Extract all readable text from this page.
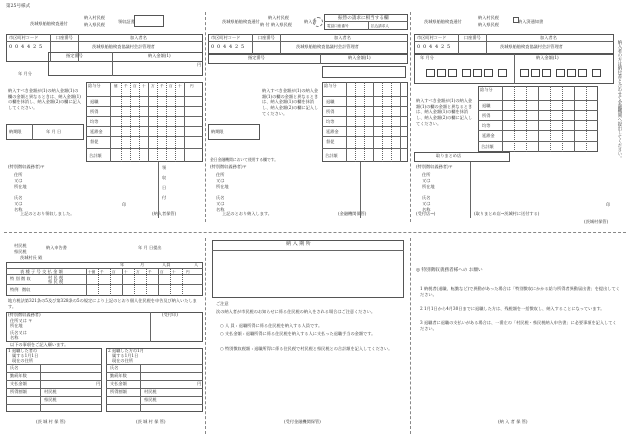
第25号様式
茨城県船舶検査通付
納入村民税
納入県民税
領収証書
市区町村コード	口座番号	加入者名
0 0 4 4 2 5	茨城県船舶検査協議村会計管理者
指定番号	納入金額(1)
円
年 月分
納入すべき金額が(1)の納入金額(1)の欄の金額と異なるときは、納入金額(1)の欄を抹消し、納入金額(2)の欄に記入してください。
納期限	年 月 日
給与分
退職
所得
均等
延滞金
督促
合計額
億 千 百 十 万 千 百 十 円
(特別徴収義務者)〒
住所
又は
所在地
氏名
又は
名称
印
領
収
日
付
上記のとおり領収しました。	(納入者保管)
茨城県船舶検査通付
納入村民税
納 付 納入県民税
納入書
振替の請求に相当する欄
電話口座番号	払込請求人
市区町村コード	口座番号	加入者名
0 0 4 4 2 5	茨城県船舶検査協議村会計管理者
指定番号	納入金額(1)
納入すべき金額が(1)の納入金額(1)の欄の金額と異なるときは、納入金額(1)の欄を抹消し、納入金額(2)の欄に記入してください。
納期限
給与分
退職
所得
均等
延滞金
督促
合計額
金日金融機関において使用する欄です。
(特別徴収義務者)〒
住所
又は
所在地
氏名
又は
名称
上記のとおり納入します。	(金融機関保管)
茨城県船舶検査通付
納入村民税
納入県民税
納入済通知書
市区町村コード	口座番号	加入者名
0 0 4 4 2 5	茨城県船舶検査協議村会計管理者
年 月分	納入金額(1)
納入すべき金額が(1)の納入金額(1)の欄の金額と異なるときは、納入金額(1)の欄を抹消し、納入金額(2)の欄に記入してください。
給与分
退職
所得
均等
延滞金
合計額
取りまとめ店
(特別徴収義務者)〒
住所
又は
所在地
氏名
又は
名称
印
(受付店→)	(取りまとめ店→茨城村に送付する)
(茨城村保管)
納入者の方は納付書と合わせて金融機関へ提出してください。
村民税
県民税
納入申告書	年 月 日提出
茨城村長 殿
年	月	人員	人
表 種 子 号 交 払 金 額	十億 千 百 十 万 千 百 十	円
特 別 徴 収	村 民 税
県 民 税
特例 徴収
地方税法第321条の5及び第328条の5の規定により上記のとおり個人住民税を申告及び納入いたします。
(特別徴収義務者)
住所又は 〒
所在地
氏名又は
名称
(受付印)
以下の事項をご記入願います。
1 退職した者の
属する1月1日
現在の住所
2 退職した方の1月
属する1月1日
現在の住所
氏名
勤続年数
支払金額
所得割額	村民税
県民税
円
氏名
勤続年数
支払金額
所得割額	村民税
県民税
円
(茨 城 村 保 管)	(茨 城 村 保 管)
納 入 期 所
ご注意
次の納入者が市民税のお知らせに係る住民税の納入をされる場合はご注意ください。
○ 人 員 : 退職所得に係る住民税を納入する人員です。
○ 支払金額 : 退職所得に係る住民税を納入する人に支払った退職手当の金額です。
○ 特別徴収税額 : 退職所得に係る住民税で村民税と県民税との合計額を記入してください。
(受付金融機関保管)
◎ 特別徴収義務者様への お願い
1 納税者(退職、転勤など)で異動があった場合は「特別徴収にかかる給与所得者異動届出書」を提出してください。
2 1月1日から4月30日までに退職した方は、残税額を一括徴収し、納入することになっています。
3 退職者に退職の支払いがある場合は、一番左の「村民税・県民税納入申告書」に必要事項を記入してください。
(納 入 者 保 管)
